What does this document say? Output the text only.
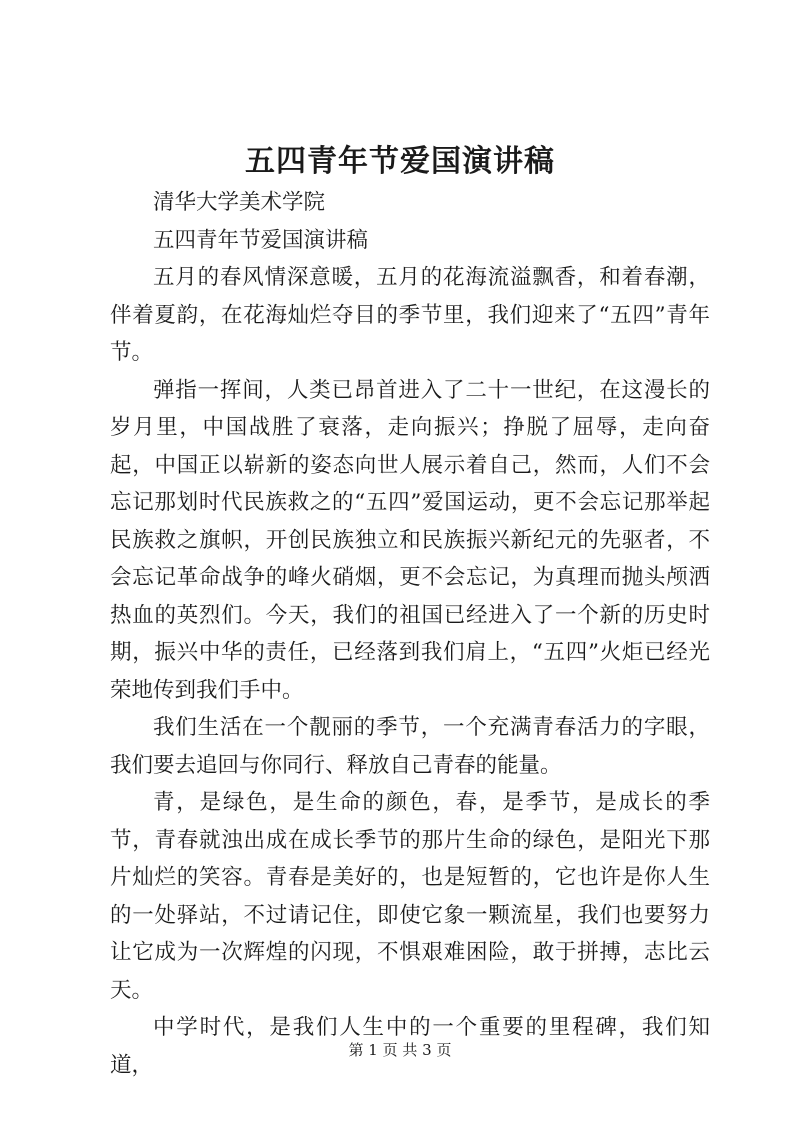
五四青年节爱国演讲稿

清华大学美术学院

五四青年节爱国演讲稿

五月的春风情深意暖，五月的花海流溢飘香，和着春潮，伴着夏韵，在花海灿烂夺目的季节里，我们迎来了“五四”青年节。

弹指一挥间，人类已昂首进入了二十一世纪，在这漫长的岁月里，中国战胜了衰落，走向振兴；挣脱了屈辱，走向奋起，中国正以崭新的姿态向世人展示着自己，然而，人们不会忘记那划时代民族救之的“五四”爱国运动，更不会忘记那举起民族救之旗帜，开创民族独立和民族振兴新纪元的先驱者，不会忘记革命战争的峰火硝烟，更不会忘记，为真理而抛头颅洒热血的英烈们。今天，我们的祖国已经进入了一个新的历史时期，振兴中华的责任，已经落到我们肩上，“五四”火炬已经光荣地传到我们手中。

我们生活在一个靓丽的季节，一个充满青春活力的字眼，我们要去追回与你同行、释放自己青春的能量。

青，是绿色，是生命的颜色，春，是季节，是成长的季节，青春就浊出成在成长季节的那片生命的绿色，是阳光下那片灿烂的笑容。青春是美好的，也是短暂的，它也许是你人生的一处驿站，不过请记住，即使它象一颗流星，我们也要努力让它成为一次辉煌的闪现，不惧艰难困险，敢于拼搏，志比云天。

中学时代，是我们人生中的一个重要的里程碑，我们知道，

第 1 页 共 3 页
